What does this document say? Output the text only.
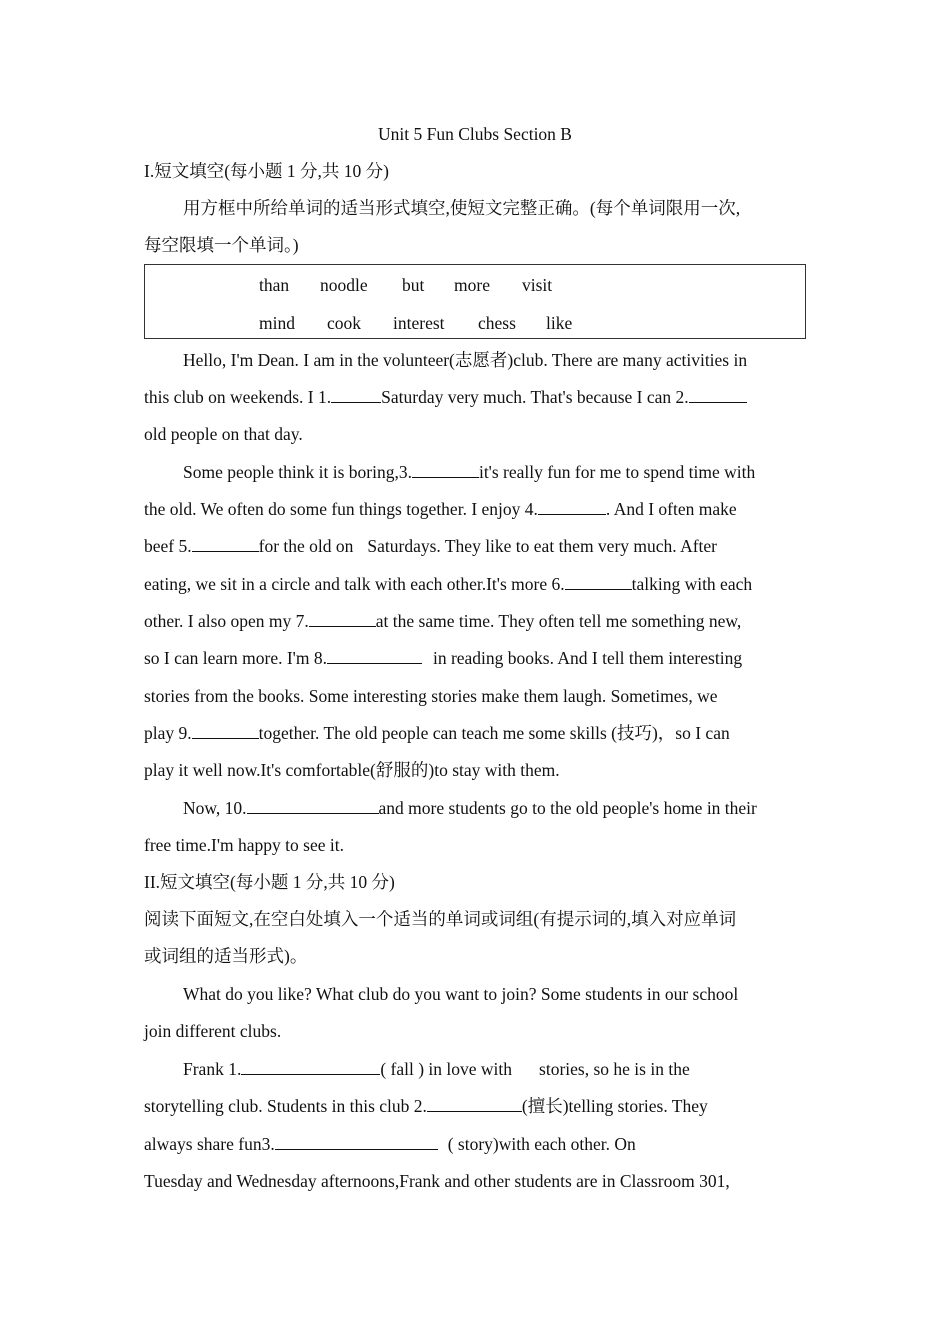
Unit 5 Fun Clubs Section B
I.短文填空(每小题 1 分,共 10 分)
用方框中所给单词的适当形式填空,使短文完整正确。(每个单词限用一次,
每空限填一个单词。)
than noodle but more visit
mind cook interest chess like
Hello, I'm Dean. I am in the volunteer(志愿者)club. There are many activities in
this club on weekends. I 1.	Saturday very much. That's because I can 2.
old people on that day.
Some people think it is boring,3.	it's really fun for me to spend time with
the old. We often do some fun things together. I enjoy 4.	. And I often make
beef 5.	for the old on Saturdays. They like to eat them very much. After
eating, we sit in a circle and talk with each other.It's more 6.	talking with each
other. I also open my 7.	at the same time. They often tell me something new,
so I can learn more. I'm 8.	in reading books. And I tell them interesting
stories from the books. Some interesting stories make them laugh. Sometimes, we
play 9.	together. The old people can teach me some skills (技巧)，so I can
play it well now.It's comfortable(舒服的)to stay with them.
Now, 10.	and more students go to the old people's home in their
free time.I'm happy to see it.
II.短文填空(每小题 1 分,共 10 分)
阅读下面短文,在空白处填入一个适当的单词或词组(有提示词的,填入对应单词
或词组的适当形式)。
What do you like? What club do you want to join? Some students in our school
join different clubs.
Frank 1.	( fall ) in love with stories, so he is in the
storytelling club. Students in this club 2.	(擅长)telling stories. They
always share fun3.	( story)with each other. On
Tuesday and Wednesday afternoons,Frank and other students are in Classroom 301,
